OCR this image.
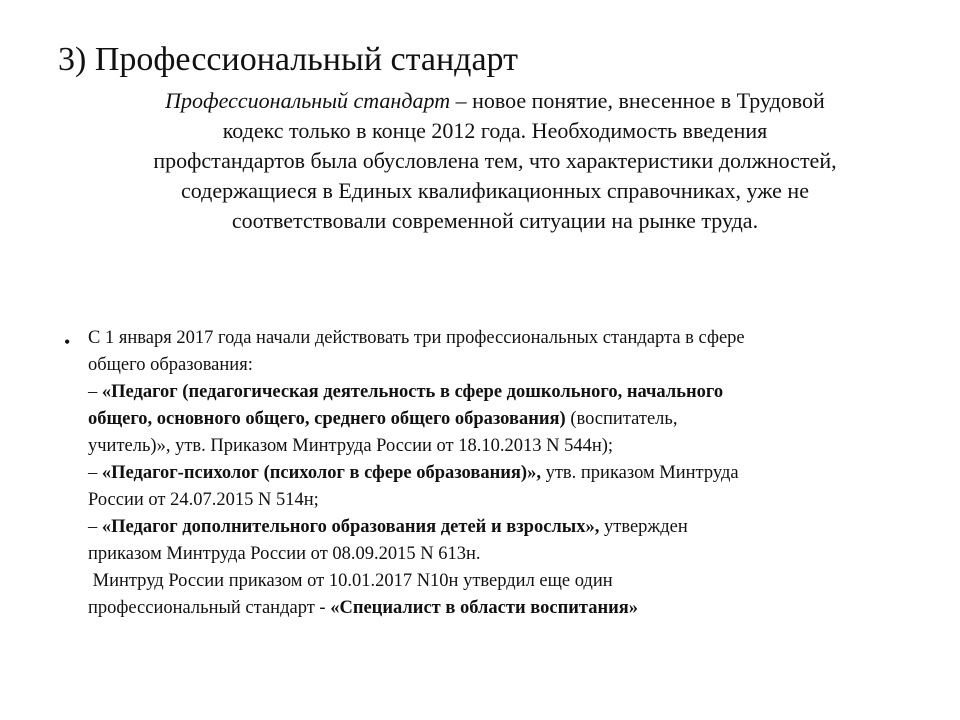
3) Профессиональный стандарт
Профессиональный стандарт – новое понятие, внесенное в Трудовой
кодекс только в конце 2012 года. Необходимость введения
профстандартов была обусловлена тем, что характеристики должностей,
содержащиеся в Единых квалификационных справочниках, уже не
соответствовали современной ситуации на рынке труда.
• С 1 января 2017 года начали действовать три профессиональных стандарта в сфере
общего образования:
– «Педагог (педагогическая деятельность в сфере дошкольного, начального
общего, основного общего, среднего общего образования) (воспитатель,
учитель)», утв. Приказом Минтруда России от 18.10.2013 N 544н);
– «Педагог-психолог (психолог в сфере образования)», утв. приказом Минтруда
России от 24.07.2015 N 514н;
– «Педагог дополнительного образования детей и взрослых», утвержден
приказом Минтруда России от 08.09.2015 N 613н.
Минтруд России приказом от 10.01.2017 N10н утвердил еще один
профессиональный стандарт - «Специалист в области воспитания»
